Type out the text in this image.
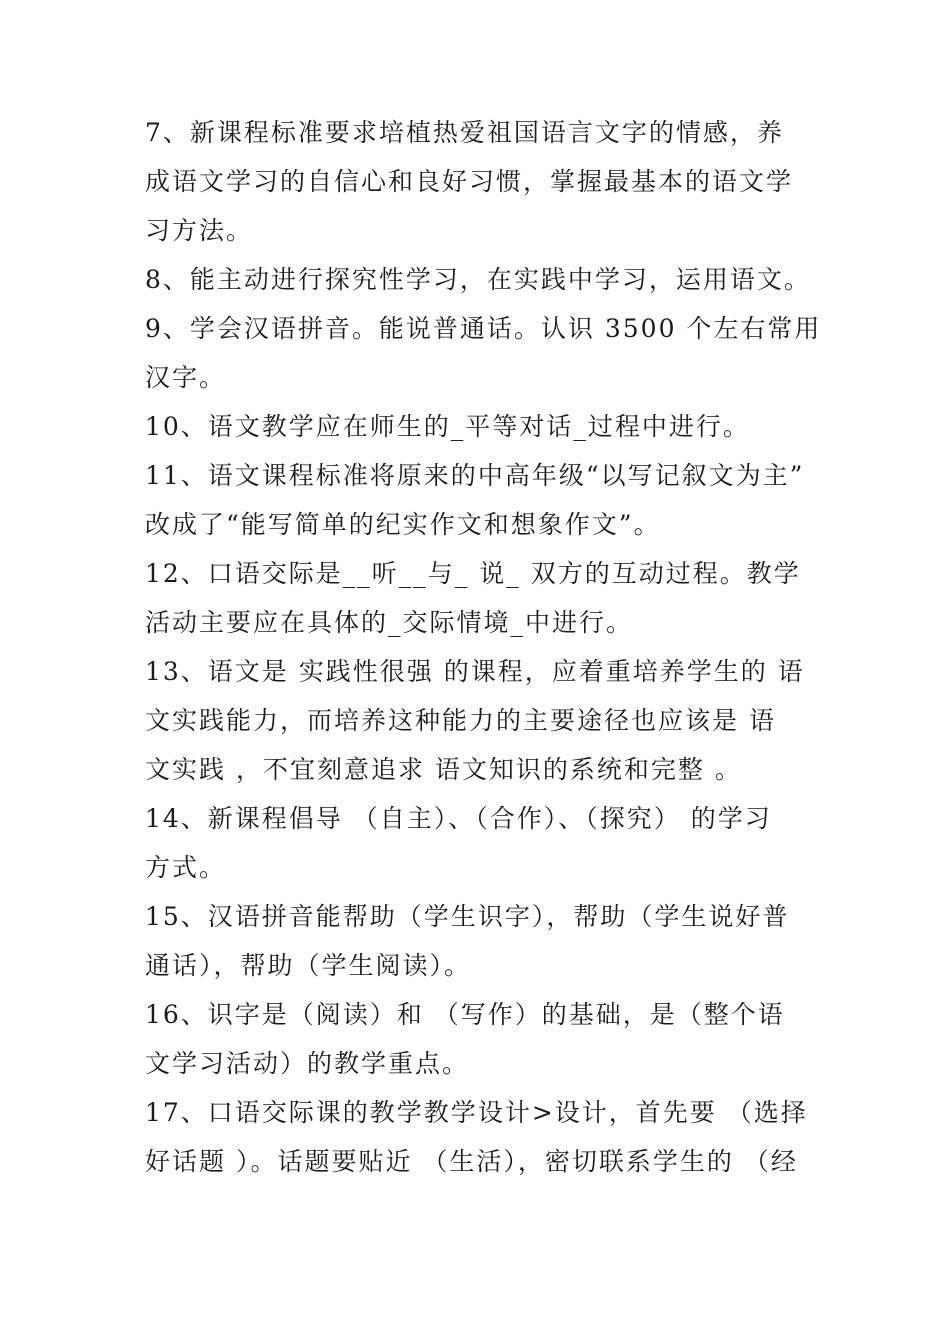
7、新课程标准要求培植热爱祖国语言文字的情感，养
成语文学习的自信心和良好习惯，掌握最基本的语文学
习方法。
8、能主动进行探究性学习，在实践中学习，运用语文。
9、学会汉语拼音。能说普通话。认识 3500 个左右常用
汉字。
10、语文教学应在师生的_平等对话_过程中进行。
11、语文课程标准将原来的中高年级“以写记叙文为主”
改成了“能写简单的纪实作文和想象作文”。
12、口语交际是__听__与_ 说_ 双方的互动过程。教学
活动主要应在具体的_交际情境_中进行。
13、语文是 实践性很强 的课程，应着重培养学生的 语
文实践能力，而培养这种能力的主要途径也应该是 语
文实践 ，不宜刻意追求 语文知识的系统和完整 。
14、新课程倡导 （自主）、（合作）、（探究） 的学习
方式。
15、汉语拼音能帮助（学生识字），帮助（学生说好普
通话），帮助（学生阅读）。
16、识字是（阅读）和 （写作）的基础，是（整个语
文学习活动）的教学重点。
17、口语交际课的教学教学设计>设计，首先要 （选择
好话题 ）。话题要贴近 （生活），密切联系学生的 （经
